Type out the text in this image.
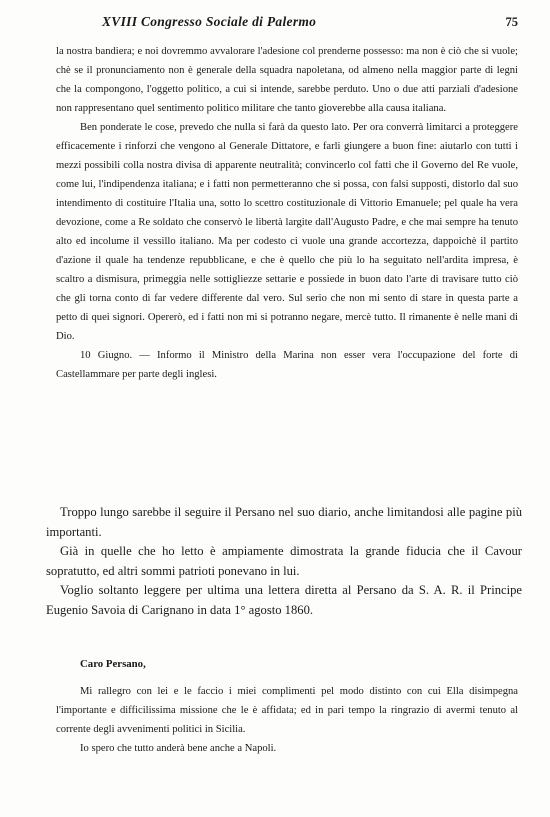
XVIII Congresso Sociale di Palermo	75

la nostra bandiera; e noi dovremmo avvalorare l'adesione col prenderne possesso: ma non è ciò che si vuole; chè se il pronunciamento non è generale della squadra napoletana, od almeno nella maggior parte di legni che la compongono, l'oggetto politico, a cui si intende, sarebbe perduto. Uno o due atti parziali d'adesione non rappresentano quel sentimento politico militare che tanto gioverebbe alla causa italiana.

Ben ponderate le cose, prevedo che nulla si farà da questo lato. Per ora converrà limitarci a proteggere efficacemente i rinforzi che vengono al Generale Dittatore, e farli giungere a buon fine: aiutarlo con tutti i mezzi possibili colla nostra divisa di apparente neutralità; convincerlo col fatti che il Governo del Re vuole, come lui, l'indipendenza italiana; e i fatti non permetteranno che si possa, con falsi supposti, distorlo dal suo intendimento di costituire l'Italia una, sotto lo scettro costituzionale di Vittorio Emanuele; pel quale ha vera devozione, come a Re soldato che conservò le libertà largite dall'Augusto Padre, e che mai sempre ha tenuto alto ed incolume il vessillo italiano. Ma per codesto ci vuole una grande accortezza, dappoichè il partito d'azione il quale ha tendenze repubblicane, e che è quello che più lo ha seguitato nell'ardita impresa, è scaltro a dismisura, primeggia nelle sottigliezze settarie e possiede in buon dato l'arte di travisare tutto ciò che gli torna conto di far vedere differente dal vero. Sul serio che non mi sento di stare in questa parte a petto di quei signori. Opererò, ed i fatti non mi si potranno negare, mercè tutto. Il rimanente è nelle mani di Dio.

10 Giugno. — Informo il Ministro della Marina non esser vera l'occupazione del forte di Castellammare per parte degli inglesi.

Troppo lungo sarebbe il seguire il Persano nel suo diario, anche limitandosi alle pagine più importanti.

Già in quelle che ho letto è ampiamente dimostrata la grande fiducia che il Cavour sopratutto, ed altri sommi patrioti ponevano in lui.

Voglio soltanto leggere per ultima una lettera diretta al Persano da S. A. R. il Principe Eugenio Savoia di Carignano in data 1° agosto 1860.

Caro Persano,

Mi rallegro con lei e le faccio i miei complimenti pel modo distinto con cui Ella disimpegna l'importante e difficilissima missione che le è affidata; ed in pari tempo la ringrazio di avermi tenuto al corrente degli avvenimenti politici in Sicilia.

Io spero che tutto anderà bene anche a Napoli.
